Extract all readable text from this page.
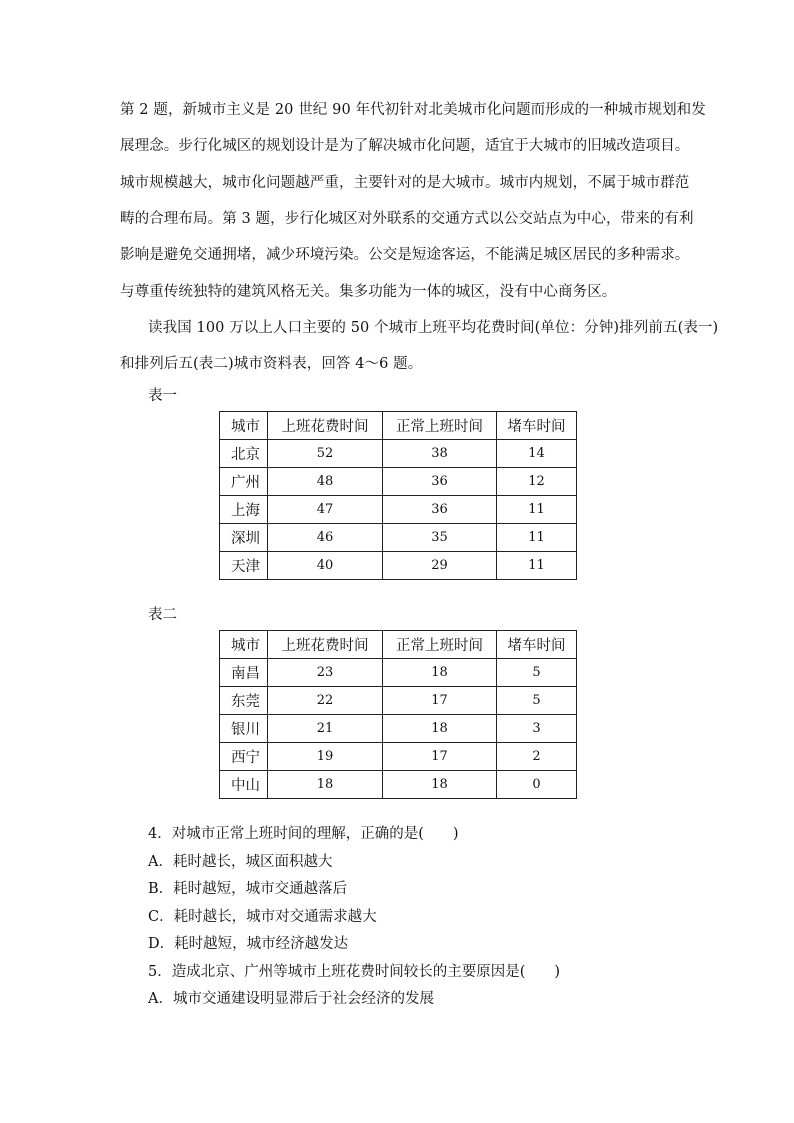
第 2 题，新城市主义是 20 世纪 90 年代初针对北美城市化问题而形成的一种城市规划和发
展理念。步行化城区的规划设计是为了解决城市化问题，适宜于大城市的旧城改造项目。
城市规模越大，城市化问题越严重，主要针对的是大城市。城市内规划，不属于城市群范
畴的合理布局。第 3 题，步行化城区对外联系的交通方式以公交站点为中心，带来的有利
影响是避免交通拥堵，减少环境污染。公交是短途客运，不能满足城区居民的多种需求。
与尊重传统独特的建筑风格无关。集多功能为一体的城区，没有中心商务区。
读我国 100 万以上人口主要的 50 个城市上班平均花费时间(单位：分钟)排列前五(表一)
和排列后五(表二)城市资料表，回答 4～6 题。
表一
城市	上班花费时间	正常上班时间	堵车时间
北京	52	38	14
广州	48	36	12
上海	47	36	11
深圳	46	35	11
天津	40	29	11
表二
城市	上班花费时间	正常上班时间	堵车时间
南昌	23	18	5
东莞	22	17	5
银川	21	18	3
西宁	19	17	2
中山	18	18	0
4．对城市正常上班时间的理解，正确的是(　　)
A．耗时越长，城区面积越大
B．耗时越短，城市交通越落后
C．耗时越长，城市对交通需求越大
D．耗时越短，城市经济越发达
5．造成北京、广州等城市上班花费时间较长的主要原因是(　　)
A．城市交通建设明显滞后于社会经济的发展
